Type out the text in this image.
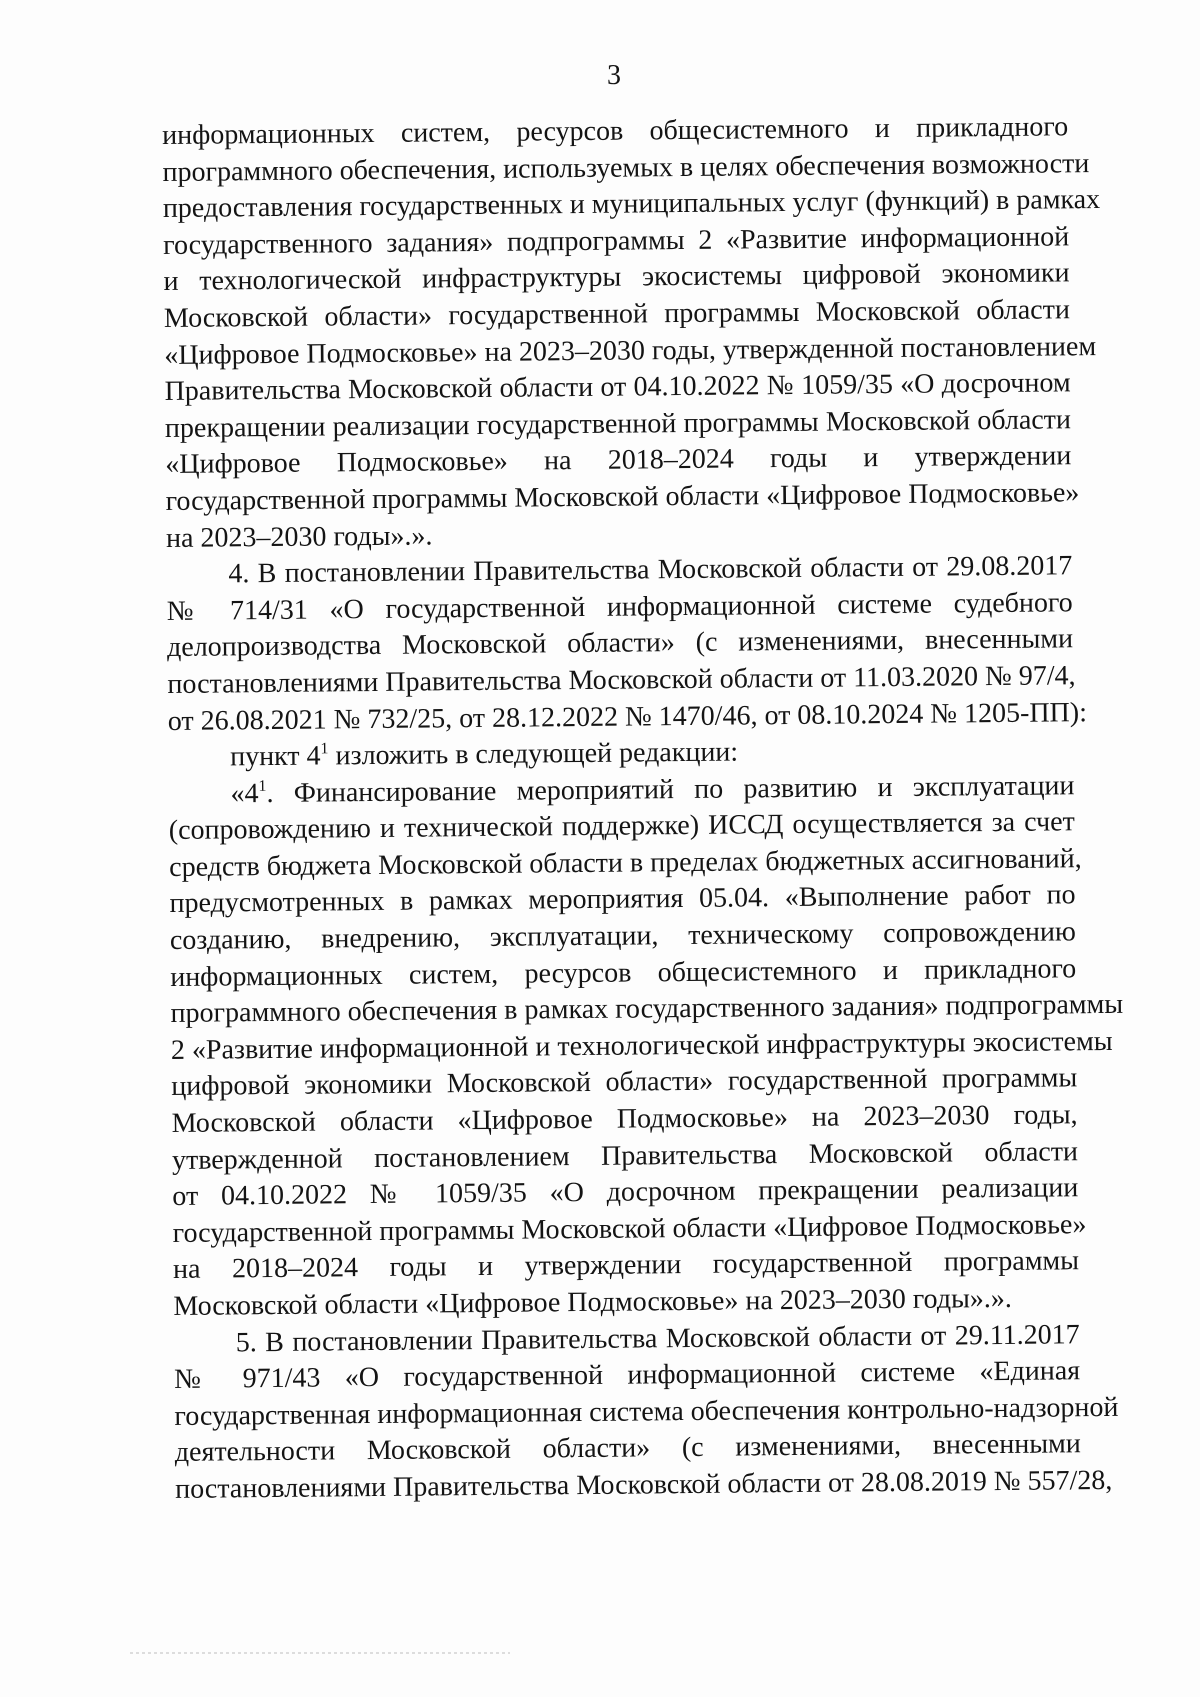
3
информационных систем, ресурсов общесистемного и прикладного
программного обеспечения, используемых в целях обеспечения возможности
предоставления государственных и муниципальных услуг (функций) в рамках
государственного задания» подпрограммы 2 «Развитие информационной
и технологической инфраструктуры экосистемы цифровой экономики
Московской области» государственной программы Московской области
«Цифровое Подмосковье» на 2023–2030 годы, утвержденной постановлением
Правительства Московской области от 04.10.2022 № 1059/35 «О досрочном
прекращении реализации государственной программы Московской области
«Цифровое Подмосковье» на 2018–2024 годы и утверждении
государственной программы Московской области «Цифровое Подмосковье»
на 2023–2030 годы».».
4. В постановлении Правительства Московской области от 29.08.2017
№ 714/31 «О государственной информационной системе судебного
делопроизводства Московской области» (с изменениями, внесенными
постановлениями Правительства Московской области от 11.03.2020 № 97/4,
от 26.08.2021 № 732/25, от 28.12.2022 № 1470/46, от 08.10.2024 № 1205-ПП):
пункт $4^1$ изложить в следующей редакции:
«$4^1$. Финансирование мероприятий по развитию и эксплуатации
(сопровождению и технической поддержке) ИССД осуществляется за счет
средств бюджета Московской области в пределах бюджетных ассигнований,
предусмотренных в рамках мероприятия 05.04. «Выполнение работ по
созданию, внедрению, эксплуатации, техническому сопровождению
информационных систем, ресурсов общесистемного и прикладного
программного обеспечения в рамках государственного задания» подпрограммы
2 «Развитие информационной и технологической инфраструктуры экосистемы
цифровой экономики Московской области» государственной программы
Московской области «Цифровое Подмосковье» на 2023–2030 годы,
утвержденной постановлением Правительства Московской области
от 04.10.2022 № 1059/35 «О досрочном прекращении реализации
государственной программы Московской области «Цифровое Подмосковье»
на 2018–2024 годы и утверждении государственной программы
Московской области «Цифровое Подмосковье» на 2023–2030 годы».».
5. В постановлении Правительства Московской области от 29.11.2017
№ 971/43 «О государственной информационной системе «Единая
государственная информационная система обеспечения контрольно-надзорной
деятельности Московской области» (с изменениями, внесенными
постановлениями Правительства Московской области от 28.08.2019 № 557/28,
